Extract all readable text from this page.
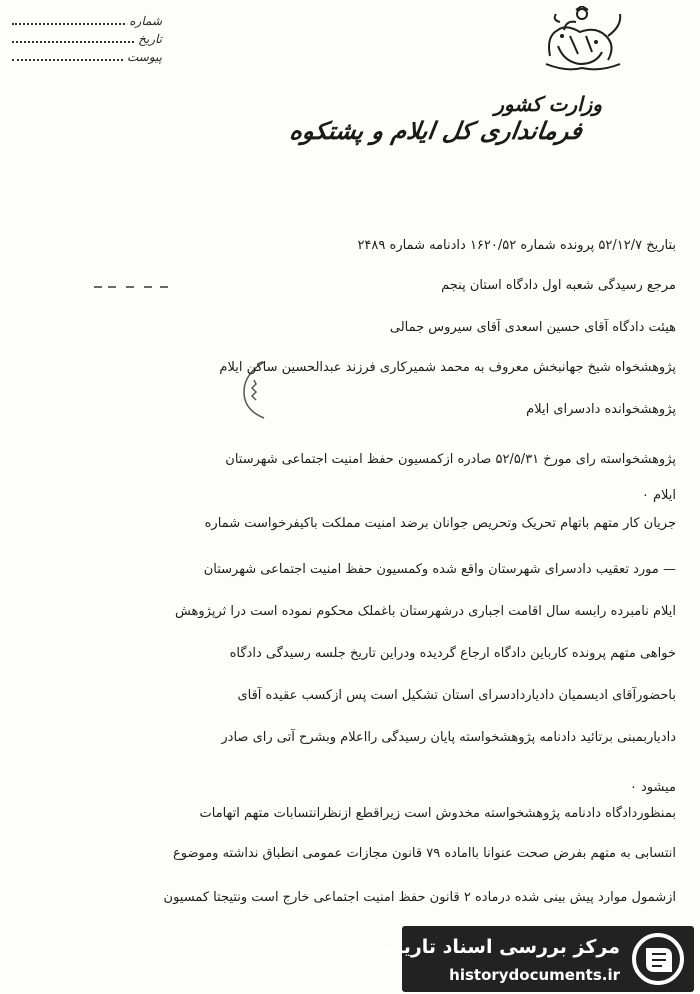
شماره
تاریخ
پیوست
وزارت کشور
فرمانداری کل ایلام و پشتکوه
بتاریخ ۵۲/۱۲/۷ پرونده شماره ۱۶۲۰/۵۲ دادنامه شماره ۲۴۸۹
مرجع رسیدگی شعبه اول دادگاه استان پنجم
هیئت دادگاه آقای حسین اسعدی آقای سیروس جمالی
پژوهشخواه شیخ جهانبخش معروف به محمد شمیرکاری فرزند عبدالحسین ساکن ایلام
پژوهشخوانده دادسرای ایلام
پژوهشخواسته رای مورخ ۵۲/۵/۳۱ صادره ازکمسیون حفظ امنیت اجتماعی شهرستان
ایلام ۰
جریان کار متهم باتهام تحریک وتحریص جوانان برضد امنیت مملکت باکیفرخواست شماره
— مورد تعقیب دادسرای شهرستان واقع شده وکمسیون حفظ امنیت اجتماعی شهرستان
ایلام نامبرده رابسه سال اقامت اجباری درشهرستان باغملک محکوم نموده است درا ثرپژوهش
خواهی متهم پرونده کارباین دادگاه ارجاع گردیده ودراین تاریخ جلسه رسیدگی دادگاه
باحضورآقای ادیسمیان دادیاردادسرای استان تشکیل است پس ازکسب عقیده آقای
دادیاربمبنی برتائید دادنامه پژوهشخواسته پایان رسیدگی رااعلام وبشرح آتی رای صادر
میشود ۰
بمنظوردادگاه دادنامه پژوهشخواسته مخدوش است زیراقطع ازنظرانتسابات متهم اتهامات
انتسابی به متهم بفرض صحت عنوانا بااماده ۷۹ قانون مجازات عمومی انطباق نداشته وموضوع
ازشمول موارد پیش بینی شده درماده ۲ قانون حفظ امنیت اجتماعی خارج است ونتیجتا کمسیون
مرکز بررسی اسناد تاریخی
historydocuments.ir
